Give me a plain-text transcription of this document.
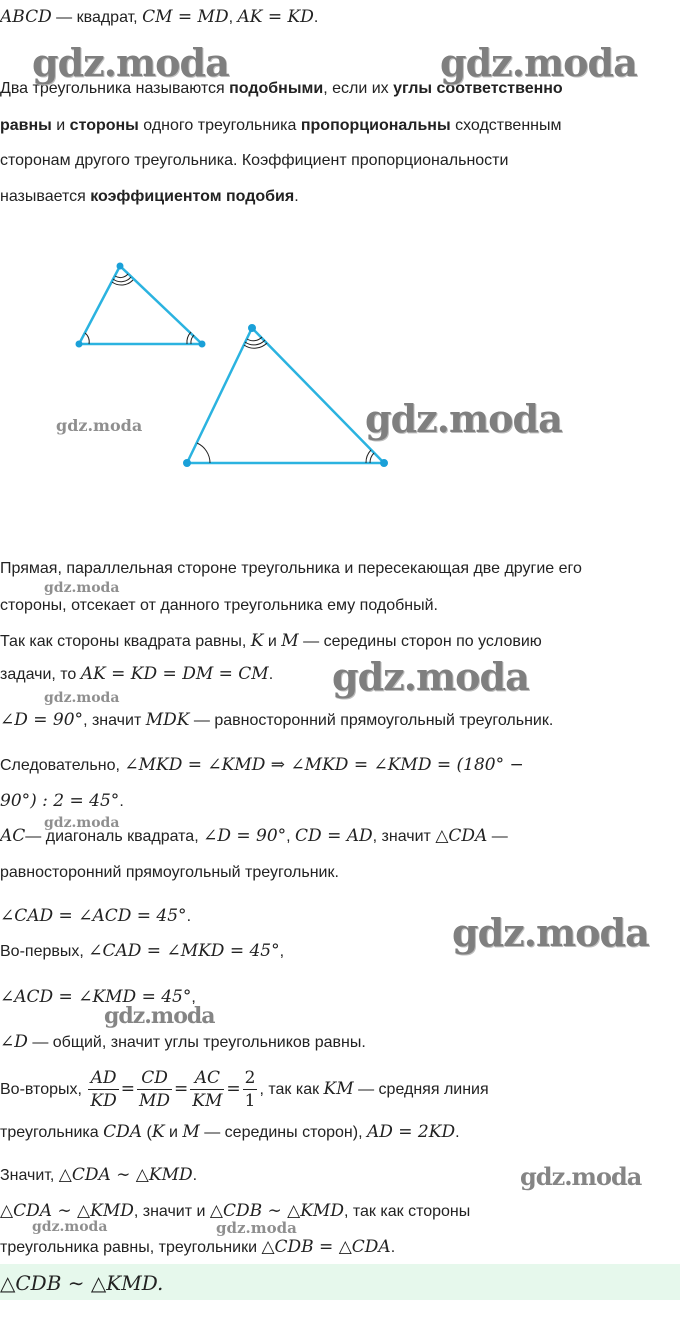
ABCD — квадрат, CM = MD, AK = KD.
Два треугольника называются подобными, если их углы соответственно
равны и стороны одного треугольника пропорциональны сходственным
сторонам другого треугольника. Коэффициент пропорциональности
называется коэффициентом подобия.
Прямая, параллельная стороне треугольника и пересекающая две другие его
стороны, отсекает от данного треугольника ему подобный.
Так как стороны квадрата равны, K и M — середины сторон по условию
задачи, то AK = KD = DM = CM.
∠D = 90°, значит MDK — равносторонний прямоугольный треугольник.
Следовательно, ∠MKD = ∠KMD ⇒ ∠MKD = ∠KMD = (180° −
90°) : 2 = 45°.
AC— диагональ квадрата, ∠D = 90°, CD = AD, значит △CDA —
равносторонний прямоугольный треугольник.
∠CAD = ∠ACD = 45°.
Во-первых, ∠CAD = ∠MKD = 45°,
∠ACD = ∠KMD = 45°,
∠D — общий, значит углы треугольников равны.
Во-вторых, $\frac{AD}{KD} = \frac{CD}{MD} = \frac{AC}{KM} = \frac{2}{1}$ , так как KM — средняя линия
треугольника CDA (K и M — середины сторон), AD = 2KD.
Значит, △CDA ∼ △KMD.
△CDA ∼ △KMD, значит и △CDB ∼ △KMD, так как стороны
треугольника равны, треугольники △CDB = △CDA.
△CDB ∼ △KMD.
gdz.moda	gdz.moda
gdz.moda	gdz.moda
gdz.moda
gdz.moda
gdz.moda
gdz.moda
gdz.moda
gdz.moda
gdz.moda
gdz.moda	gdz.moda
